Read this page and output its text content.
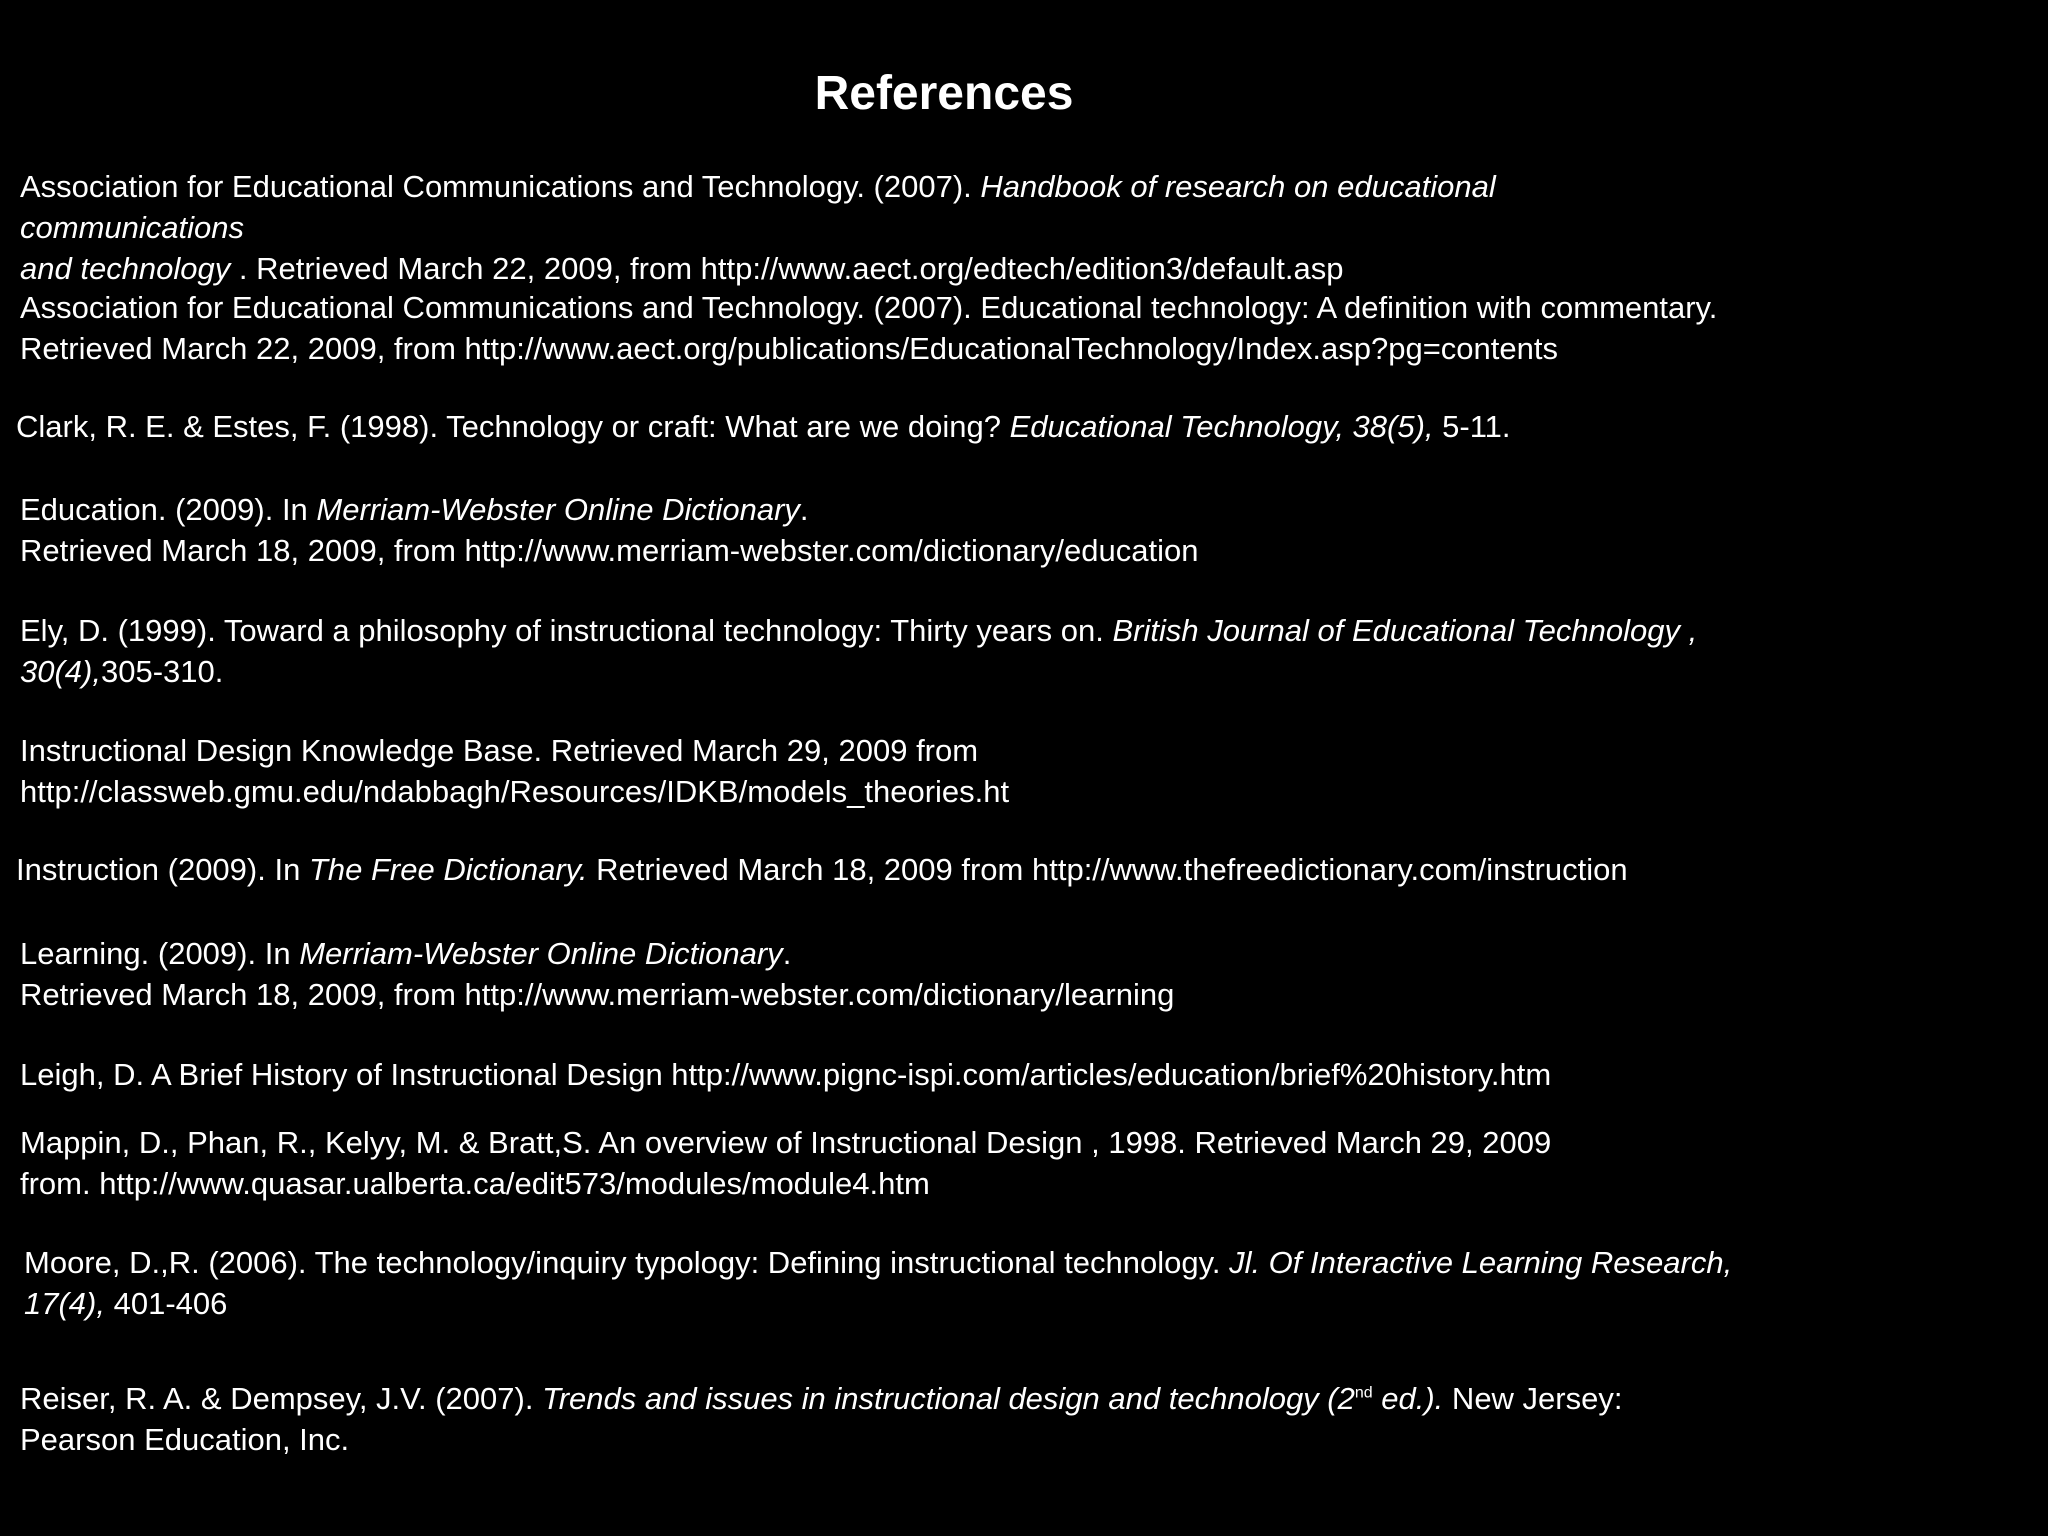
References
Association for Educational Communications and Technology. (2007). Handbook of research on educational
communications
and technology . Retrieved March 22, 2009, from http://www.aect.org/edtech/edition3/default.asp
Association for Educational Communications and Technology. (2007). Educational technology: A definition with commentary.
Retrieved March 22, 2009, from http://www.aect.org/publications/EducationalTechnology/Index.asp?pg=contents
Clark, R. E. & Estes, F. (1998). Technology or craft: What are we doing? Educational Technology, 38(5), 5-11.
Education. (2009). In Merriam-Webster Online Dictionary.
Retrieved March 18, 2009, from http://www.merriam-webster.com/dictionary/education
Ely, D. (1999). Toward a philosophy of instructional technology: Thirty years on. British Journal of Educational Technology ,
30(4),305-310.
Instructional Design Knowledge Base. Retrieved March 29, 2009 from
http://classweb.gmu.edu/ndabbagh/Resources/IDKB/models_theories.ht
Instruction (2009). In The Free Dictionary. Retrieved March 18, 2009 from http://www.thefreedictionary.com/instruction
Learning. (2009). In Merriam-Webster Online Dictionary.
Retrieved March 18, 2009, from http://www.merriam-webster.com/dictionary/learning
Leigh, D. A Brief History of Instructional Design http://www.pignc-ispi.com/articles/education/brief%20history.htm
Mappin, D., Phan, R., Kelyy, M. & Bratt,S. An overview of Instructional Design , 1998. Retrieved March 29, 2009
from. http://www.quasar.ualberta.ca/edit573/modules/module4.htm
Moore, D.,R. (2006). The technology/inquiry typology: Defining instructional technology. Jl. Of Interactive Learning Research,
17(4), 401-406
Reiser, R. A. & Dempsey, J.V. (2007). Trends and issues in instructional design and technology (2nd ed.). New Jersey:
Pearson Education, Inc.
